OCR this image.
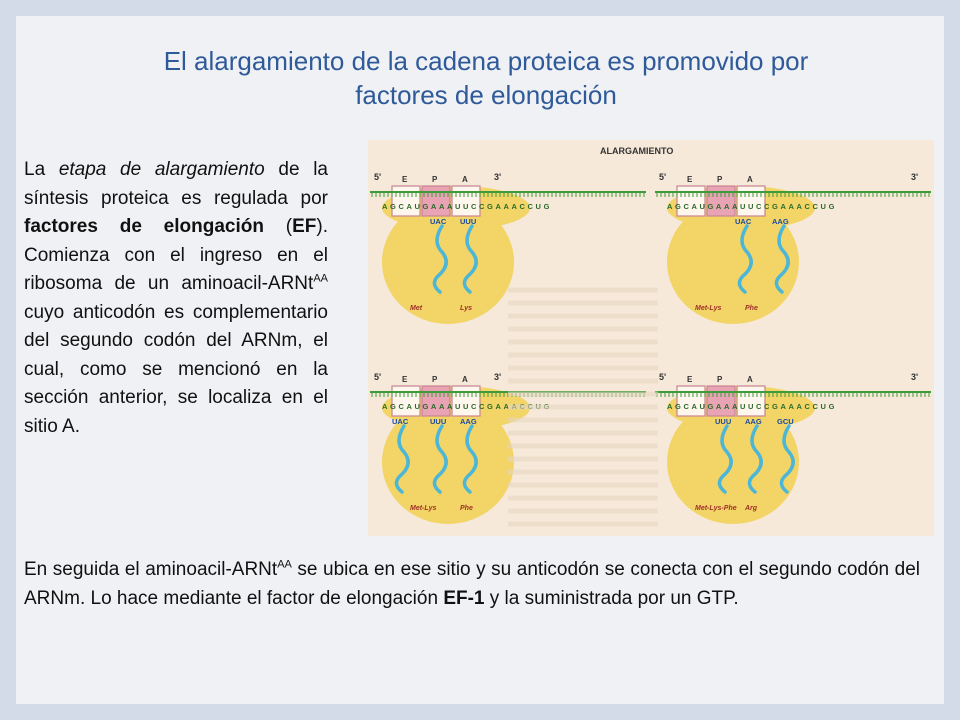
El alargamiento de la cadena proteica es promovido por
factores de elongación
La etapa de alargamiento de la síntesis proteica es regulada por factores de elongación (EF). Comienza con el ingreso en el ribosoma de un aminoacil-ARNt$^{AA}$ cuyo anticodón es complementario del segundo codón del ARNm, el cual, como se mencionó en la sección anterior, se localiza en el sitio A.
ALARGAMIENTO
E	P	A
5'	3'
AGCAUGAAAUUCCGAAACCUG
UAC UUU
Met	Lys
E	P	A
5'	3'
AGCAUGAAAUUCCGAAACCUG
UAC	AAG
Met-Lys	Phe
E	P	A
5'	3'
AGCAUGAAAUUCCGAAACCUG
UAC	UUU AAG
Met-Lys	Phe
E	P	A
5'	3'
AGCAUGAAAUUCCGAAACCUG
UUU AAG GCU
Met-Lys-Phe Arg
En seguida el aminoacil-ARNt$^{AA}$ se ubica en ese sitio y su anticodón se conecta con el segundo codón del ARNm. Lo hace mediante el factor de elongación EF-1 y la suministrada por un GTP.
